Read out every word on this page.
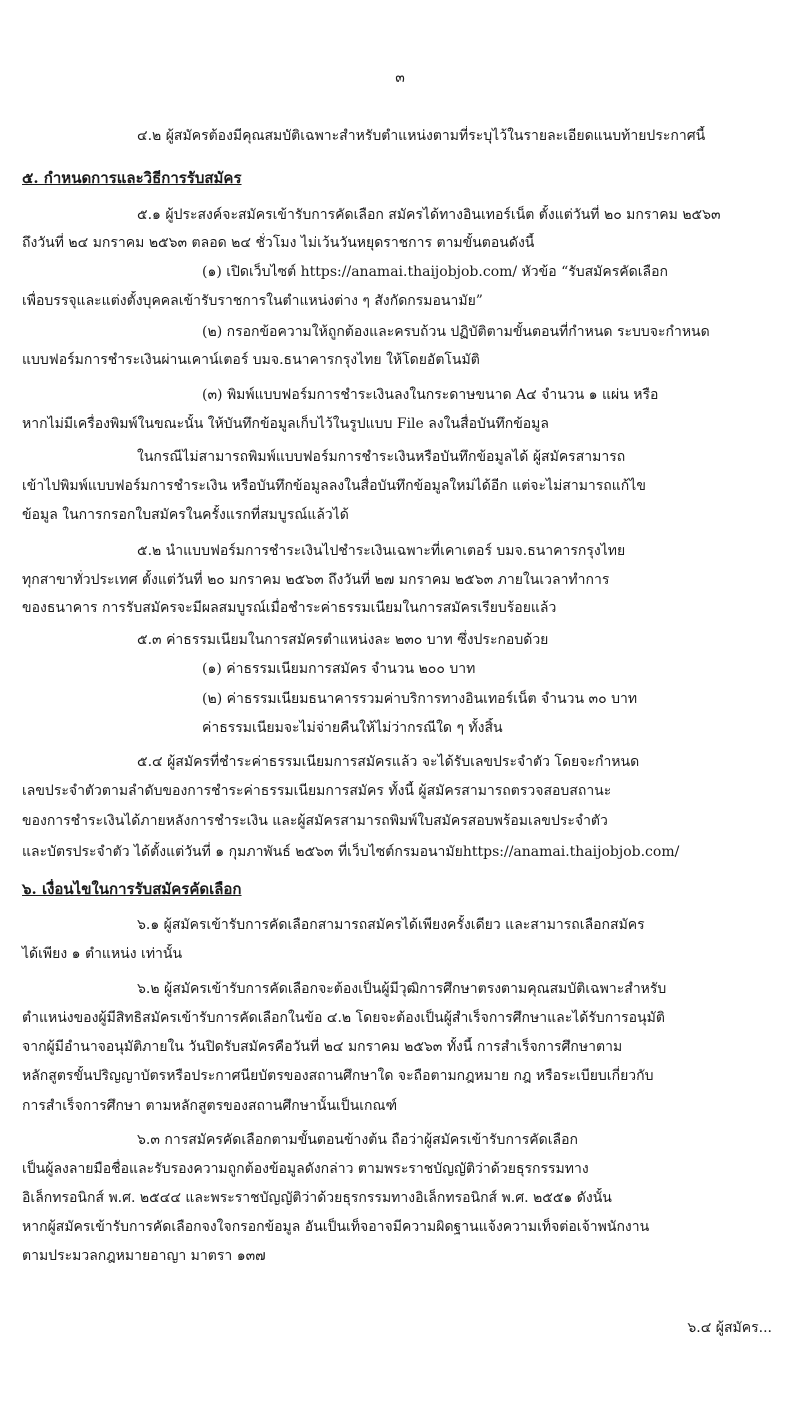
๓
๔.๒ ผู้สมัครต้องมีคุณสมบัติเฉพาะสำหรับตำแหน่งตามที่ระบุไว้ในรายละเอียดแนบท้ายประกาศนี้
๕. กำหนดการและวิธีการรับสมัคร
๕.๑ ผู้ประสงค์จะสมัครเข้ารับการคัดเลือก สมัครได้ทางอินเทอร์เน็ต ตั้งแต่วันที่ ๒๐ มกราคม ๒๕๖๓
ถึงวันที่ ๒๔ มกราคม ๒๕๖๓ ตลอด ๒๔ ชั่วโมง ไม่เว้นวันหยุดราชการ ตามขั้นตอนดังนี้
(๑) เปิดเว็บไซต์ https://anamai.thaijobjob.com/ หัวข้อ “รับสมัครคัดเลือก
เพื่อบรรจุและแต่งตั้งบุคคลเข้ารับราชการในตำแหน่งต่าง ๆ สังกัดกรมอนามัย”
(๒) กรอกข้อความให้ถูกต้องและครบถ้วน ปฏิบัติตามขั้นตอนที่กำหนด ระบบจะกำหนด
แบบฟอร์มการชำระเงินผ่านเคาน์เตอร์ บมจ.ธนาคารกรุงไทย ให้โดยอัตโนมัติ
(๓) พิมพ์แบบฟอร์มการชำระเงินลงในกระดาษขนาด A๔ จำนวน ๑ แผ่น หรือ
หากไม่มีเครื่องพิมพ์ในขณะนั้น ให้บันทึกข้อมูลเก็บไว้ในรูปแบบ File ลงในสื่อบันทึกข้อมูล
ในกรณีไม่สามารถพิมพ์แบบฟอร์มการชำระเงินหรือบันทึกข้อมูลได้ ผู้สมัครสามารถ
เข้าไปพิมพ์แบบฟอร์มการชำระเงิน หรือบันทึกข้อมูลลงในสื่อบันทึกข้อมูลใหม่ได้อีก แต่จะไม่สามารถแก้ไข
ข้อมูล ในการกรอกใบสมัครในครั้งแรกที่สมบูรณ์แล้วได้
๕.๒ นำแบบฟอร์มการชำระเงินไปชำระเงินเฉพาะที่เคาเตอร์ บมจ.ธนาคารกรุงไทย
ทุกสาขาทั่วประเทศ ตั้งแต่วันที่ ๒๐ มกราคม ๒๕๖๓ ถึงวันที่ ๒๗ มกราคม ๒๕๖๓ ภายในเวลาทำการ
ของธนาคาร การรับสมัครจะมีผลสมบูรณ์เมื่อชำระค่าธรรมเนียมในการสมัครเรียบร้อยแล้ว
๕.๓ ค่าธรรมเนียมในการสมัครตำแหน่งละ ๒๓๐ บาท ซึ่งประกอบด้วย
(๑) ค่าธรรมเนียมการสมัคร จำนวน ๒๐๐ บาท
(๒) ค่าธรรมเนียมธนาคารรวมค่าบริการทางอินเทอร์เน็ต จำนวน ๓๐ บาท
ค่าธรรมเนียมจะไม่จ่ายคืนให้ไม่ว่ากรณีใด ๆ ทั้งสิ้น
๕.๔ ผู้สมัครที่ชำระค่าธรรมเนียมการสมัครแล้ว จะได้รับเลขประจำตัว โดยจะกำหนด
เลขประจำตัวตามลำดับของการชำระค่าธรรมเนียมการสมัคร ทั้งนี้ ผู้สมัครสามารถตรวจสอบสถานะ
ของการชำระเงินได้ภายหลังการชำระเงิน และผู้สมัครสามารถพิมพ์ใบสมัครสอบพร้อมเลขประจำตัว
และบัตรประจำตัว ได้ตั้งแต่วันที่ ๑ กุมภาพันธ์ ๒๕๖๓ ที่เว็บไซต์กรมอนามัยhttps://anamai.thaijobjob.com/
๖. เงื่อนไขในการรับสมัครคัดเลือก
๖.๑ ผู้สมัครเข้ารับการคัดเลือกสามารถสมัครได้เพียงครั้งเดียว และสามารถเลือกสมัคร
ได้เพียง ๑ ตำแหน่ง เท่านั้น
๖.๒ ผู้สมัครเข้ารับการคัดเลือกจะต้องเป็นผู้มีวุฒิการศึกษาตรงตามคุณสมบัติเฉพาะสำหรับ
ตำแหน่งของผู้มีสิทธิสมัครเข้ารับการคัดเลือกในข้อ ๔.๒ โดยจะต้องเป็นผู้สำเร็จการศึกษาและได้รับการอนุมัติ
จากผู้มีอำนาจอนุมัติภายใน วันปิดรับสมัครคือวันที่ ๒๔ มกราคม ๒๕๖๓ ทั้งนี้ การสำเร็จการศึกษาตาม
หลักสูตรขั้นปริญญาบัตรหรือประกาศนียบัตรของสถานศึกษาใด จะถือตามกฎหมาย กฎ หรือระเบียบเกี่ยวกับ
การสำเร็จการศึกษา ตามหลักสูตรของสถานศึกษานั้นเป็นเกณฑ์
๖.๓ การสมัครคัดเลือกตามขั้นตอนข้างต้น ถือว่าผู้สมัครเข้ารับการคัดเลือก
เป็นผู้ลงลายมือชื่อและรับรองความถูกต้องข้อมูลดังกล่าว ตามพระราชบัญญัติว่าด้วยธุรกรรมทาง
อิเล็กทรอนิกส์ พ.ศ. ๒๕๔๔ และพระราชบัญญัติว่าด้วยธุรกรรมทางอิเล็กทรอนิกส์ พ.ศ. ๒๕๕๑ ดังนั้น
หากผู้สมัครเข้ารับการคัดเลือกจงใจกรอกข้อมูล อันเป็นเท็จอาจมีความผิดฐานแจ้งความเท็จต่อเจ้าพนักงาน
ตามประมวลกฎหมายอาญา มาตรา ๑๓๗
๖.๔ ผู้สมัคร...
